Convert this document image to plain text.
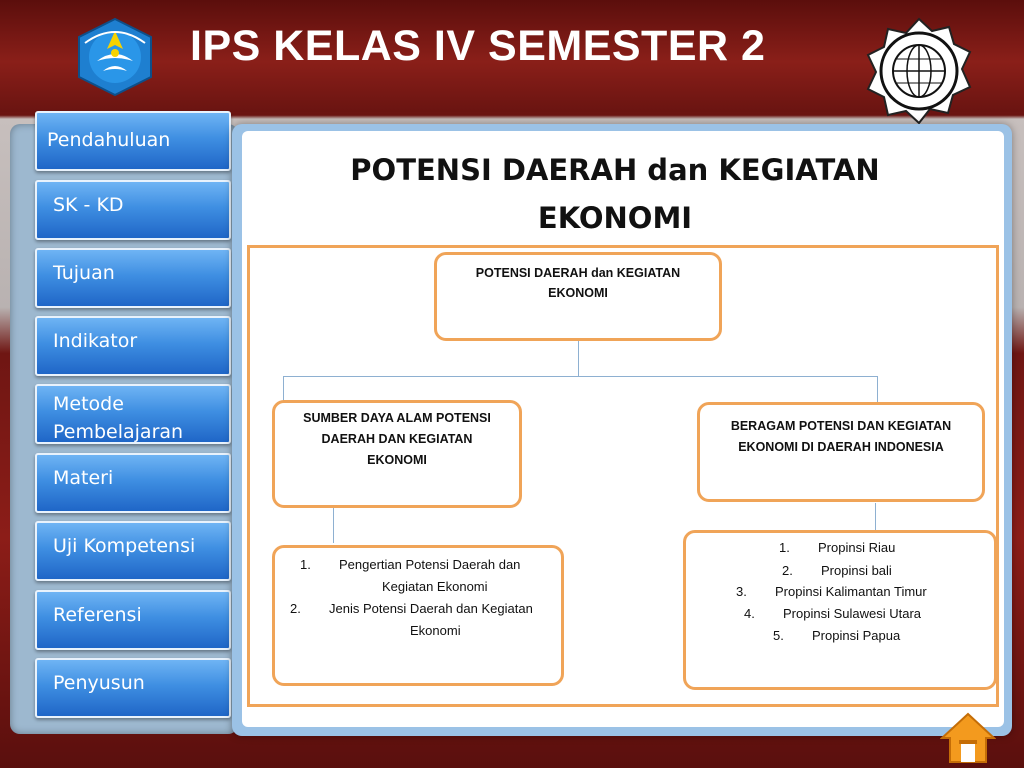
IPS KELAS IV SEMESTER 2
Pendahuluan
SK - KD
Tujuan
Indikator
Metode
Pembelajaran
Materi
Uji Kompetensi
Referensi
Penyusun
POTENSI DAERAH dan KEGIATAN
EKONOMI
POTENSI DAERAH dan KEGIATAN
EKONOMI
SUMBER DAYA ALAM POTENSI
DAERAH DAN KEGIATAN
EKONOMI
BERAGAM POTENSI DAN KEGIATAN
EKONOMI DI DAERAH INDONESIA
1. Pengertian Potensi Daerah dan
Kegiatan Ekonomi
2. Jenis Potensi Daerah dan Kegiatan
Ekonomi
1. Propinsi Riau
2. Propinsi bali
3. Propinsi Kalimantan Timur
4. Propinsi Sulawesi Utara
5. Propinsi Papua
